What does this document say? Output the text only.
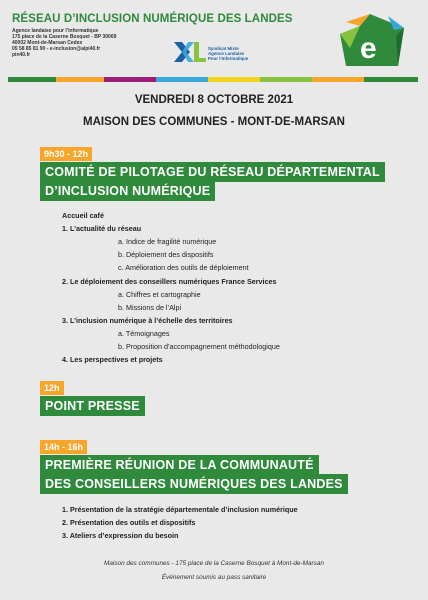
RÉSEAU D’INCLUSION NUMÉRIQUE DES LANDES
Agence landaise pour l’informatique
175 place de la Caserne Bosquet - BP 30069
40002 Mont-de-Marsan Cedex
05 58 85 81 90 - e-inclusion@alpi40.fr
pin40.fr
Syndicat Mixte
Agence Landaise
Pour l’Informatique	e
VENDREDI 8 OCTOBRE 2021
MAISON DES COMMUNES - MONT-DE-MARSAN
9h30 - 12h
COMITÉ DE PILOTAGE DU RÉSEAU DÉPARTEMENTAL
D’INCLUSION NUMÉRIQUE
Accueil café
1. L’actualité du réseau
a. Indice de fragilité numérique
b. Déploiement des dispositifs
c. Amélioration des outils de déploiement
2. Le déploiement des conseillers numériques France Services
a. Chiffres et cartographie
b. Missions de l’Alpi
3. L’inclusion numérique à l’échelle des territoires
a. Témoignages
b. Proposition d’accompagnement méthodologique
4. Les perspectives et projets
12h
POINT PRESSE
14h - 16h
PREMIÈRE RÉUNION DE LA COMMUNAUTÉ
DES CONSEILLERS NUMÉRIQUES DES LANDES
1. Présentation de la stratégie départementale d’inclusion numérique
2. Présentation des outils et dispositifs
3. Ateliers d’expression du besoin
Maison des communes - 175 place de la Caserne Bosquet à Mont-de-Marsan
Événement soumis au pass sanitaire
